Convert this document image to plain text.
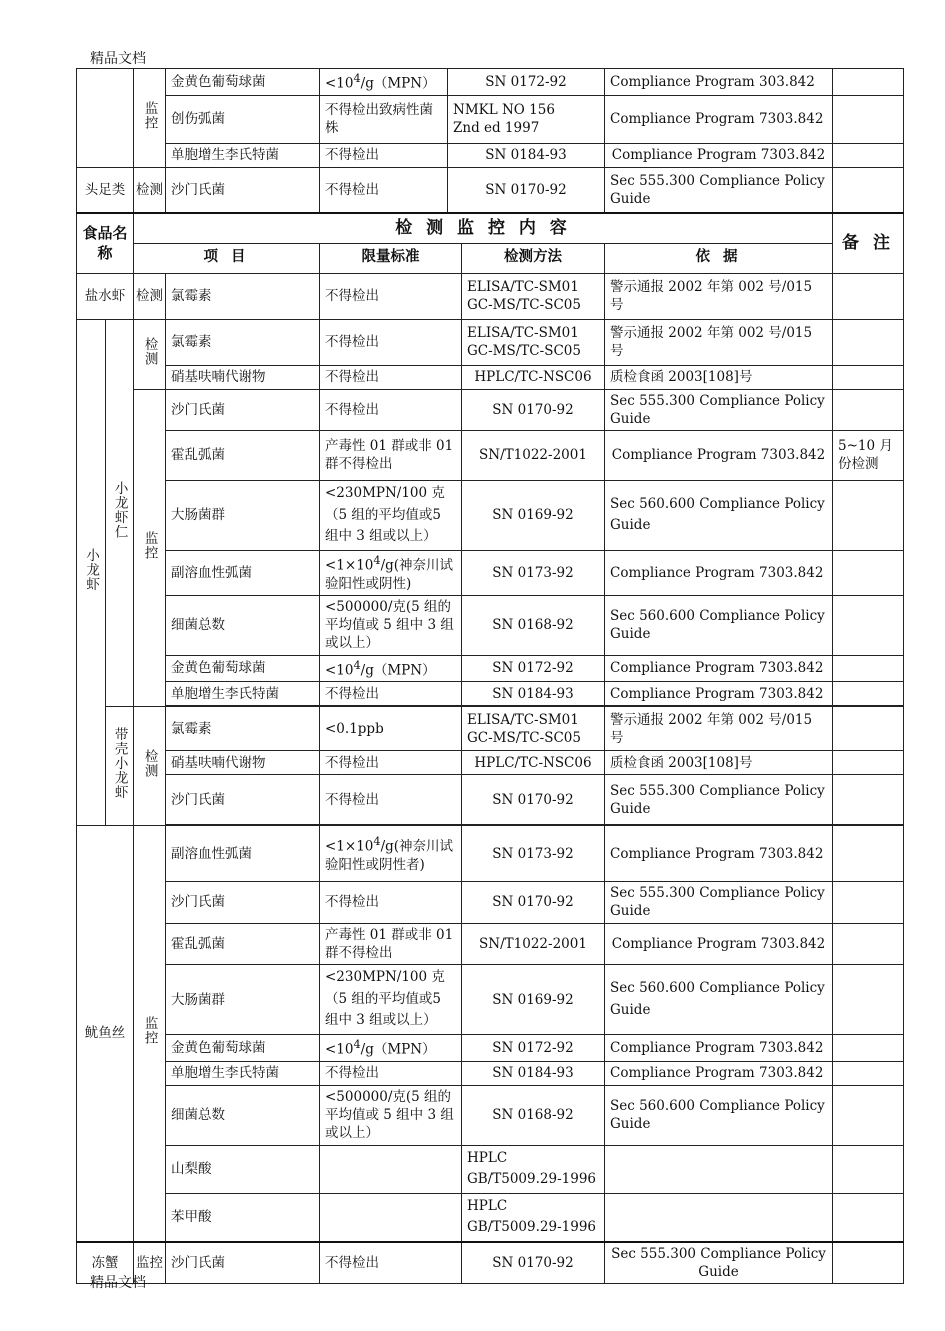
精品文档
	监控	金黄色葡萄球菌	$<10^4/g(MPN)$	SN 0172-92	Compliance Program 303.842	
		创伤弧菌	不得检出致病性菌株	NMKL NO 156
Znd ed 1997	Compliance Program 7303.842	
		单胞增生李氏特菌	不得检出	SN 0184-93	Compliance Program 7303.842	
头足类	检测	沙门氏菌	不得检出	SN 0170-92	Sec 555.300 Compliance Policy Guide	
食品名称		检 测 监 控 内 容					备 注
		项 目		限量标准	检测方法	依 据	
盐水虾		检测	氯霉素	不得检出	ELISA/TC-SM01
GC-MS/TC-SC05	警示通报 2002 年第 002 号/015 号	
小龙虾	小龙虾仁	检测	氯霉素	不得检出	ELISA/TC-SM01
GC-MS/TC-SC05	警示通报 2002 年第 002 号/015 号	
			硝基呋喃代谢物	不得检出	HPLC/TC-NSC06	质检食函 2003[108]号	
		监控	沙门氏菌	不得检出	SN 0170-92	Sec 555.300 Compliance Policy Guide	
			霍乱弧菌	产毒性 01 群或非 01 群不得检出	SN/T1022-2001	Compliance Program 7303.842	5~10 月份检测
			大肠菌群	<230MPN/100 克（5 组的平均值或5 组中 3 组或以上）	SN 0169-92	Sec 560.600 Compliance Policy Guide	
			副溶血性弧菌	$<1\times 10^4/g$(神奈川试验阳性或阴性)	SN 0173-92	Compliance Program 7303.842	
			细菌总数	<500000/克(5 组的平均值或 5 组中 3 组或以上）	SN 0168-92	Sec 560.600 Compliance Policy Guide	
			金黄色葡萄球菌	$<10^4/g(MPN)$	SN 0172-92	Compliance Program 7303.842	
			单胞增生李氏特菌	不得检出	SN 0184-93	Compliance Program 7303.842	

	带壳小龙虾	检测	氯霉素	<0.1ppb	ELISA/TC-SM01
GC-MS/TC-SC05	警示通报 2002 年第 002 号/015 号	
			硝基呋喃代谢物	不得检出	HPLC/TC-NSC06	质检食函 2003[108]号	
			沙门氏菌	不得检出	SN 0170-92	Sec 555.300 Compliance Policy Guide	

鱿鱼丝		监控	副溶血性弧菌	$<1\times 10^4/g$(神奈川试验阳性或阴性者)	SN 0173-92	Compliance Program 7303.842	
			沙门氏菌	不得检出	SN 0170-92	Sec 555.300 Compliance Policy Guide	
			霍乱弧菌	产毒性 01 群或非 01 群不得检出	SN/T1022-2001	Compliance Program 7303.842	
			大肠菌群	<230MPN/100 克（5 组的平均值或5 组中 3 组或以上）	SN 0169-92	Sec 560.600 Compliance Policy Guide	
			金黄色葡萄球菌	$<10^4/g(MPN)$	SN 0172-92	Compliance Program 7303.842	
			单胞增生李氏特菌	不得检出	SN 0184-93	Compliance Program 7303.842	
			细菌总数	<500000/克(5 组的平均值或 5 组中 3 组或以上）	SN 0168-92	Sec 560.600 Compliance Policy Guide	
			山梨酸		HPLC
GB/T5009.29-1996		

			苯甲酸		HPLC
GB/T5009.29-1996		

冻蟹		监控	沙门氏菌	不得检出	SN 0170-92	Sec 555.300 Compliance Policy Guide	
精品文档
